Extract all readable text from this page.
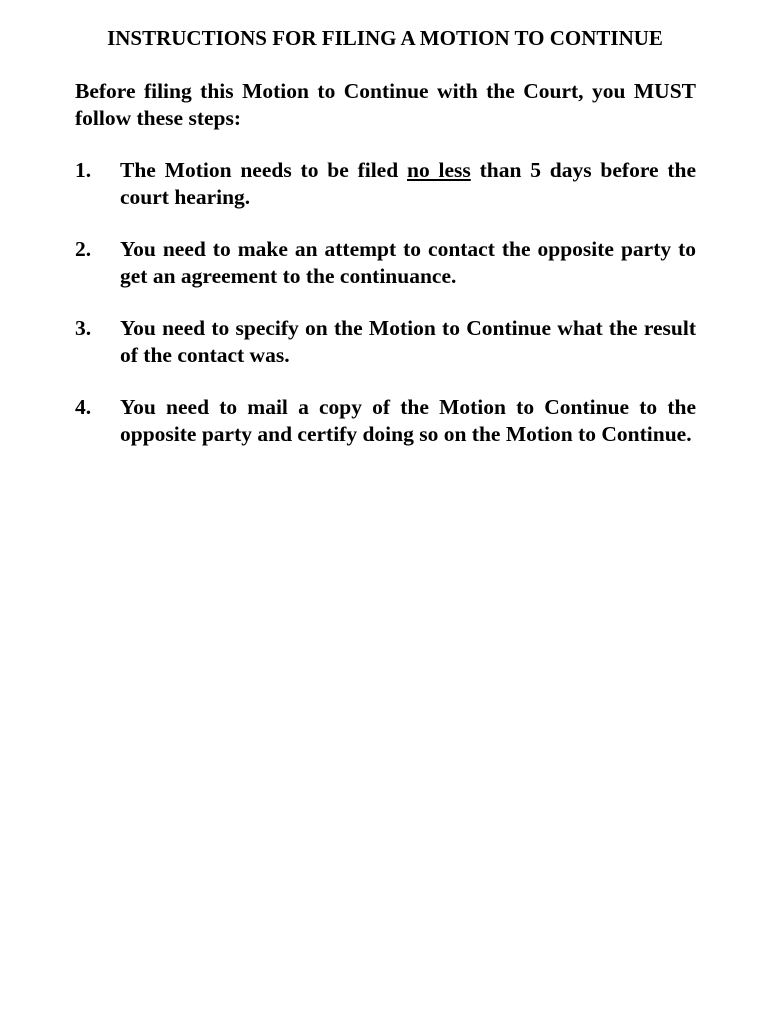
INSTRUCTIONS FOR FILING A MOTION TO CONTINUE
Before filing this Motion to Continue with the Court, you MUST follow these steps:
1.	The Motion needs to be filed no less than 5 days before the court hearing.
2.	You need to make an attempt to contact the opposite party to get an agreement to the continuance.
3.	You need to specify on the Motion to Continue what the result of the contact was.
4.	You need to mail a copy of the Motion to Continue to the opposite party and certify doing so on the Motion to Continue.
